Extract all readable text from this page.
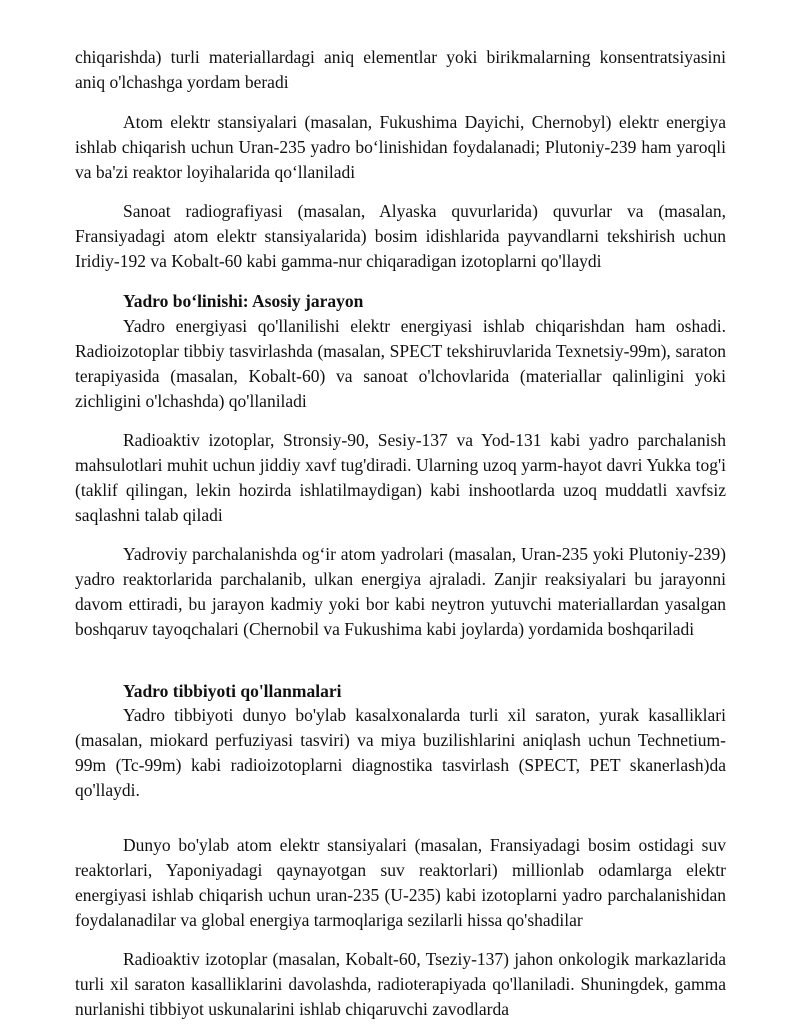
chiqarishda) turli materiallardagi aniq elementlar yoki birikmalarning konsentratsiyasini aniq o'lchashga yordam beradi

Atom elektr stansiyalari (masalan, Fukushima Dayichi, Chernobyl) elektr energiya ishlab chiqarish uchun Uran-235 yadro bo‘linishidan foydalanadi; Plutoniy-239 ham yaroqli va ba'zi reaktor loyihalarida qo‘llaniladi

Sanoat radiografiyasi (masalan, Alyaska quvurlarida) quvurlar va (masalan, Fransiyadagi atom elektr stansiyalarida) bosim idishlarida payvandlarni tekshirish uchun Iridiy-192 va Kobalt-60 kabi gamma-nur chiqaradigan izotoplarni qo'llaydi

Yadro bo‘linishi: Asosiy jarayon

Yadro energiyasi qo'llanilishi elektr energiyasi ishlab chiqarishdan ham oshadi. Radioizotoplar tibbiy tasvirlashda (masalan, SPECT tekshiruvlarida Texnetsiy-99m), saraton terapiyasida (masalan, Kobalt-60) va sanoat o'lchovlarida (materiallar qalinligini yoki zichligini o'lchashda) qo'llaniladi

Radioaktiv izotoplar, Stronsiy-90, Sesiy-137 va Yod-131 kabi yadro parchalanish mahsulotlari muhit uchun jiddiy xavf tug'diradi. Ularning uzoq yarm-hayot davri Yukka tog'i (taklif qilingan, lekin hozirda ishlatilmaydigan) kabi inshootlarda uzoq muddatli xavfsiz saqlashni talab qiladi

Yadroviy parchalanishda og‘ir atom yadrolari (masalan, Uran-235 yoki Plutoniy-239) yadro reaktorlarida parchalanib, ulkan energiya ajraladi. Zanjir reaksiyalari bu jarayonni davom ettiradi, bu jarayon kadmiy yoki bor kabi neytron yutuvchi materiallardan yasalgan boshqaruv tayoqchalari (Chernobil va Fukushima kabi joylarda) yordamida boshqariladi

Yadro tibbiyoti qo'llanmalari

Yadro tibbiyoti dunyo bo'ylab kasalxonalarda turli xil saraton, yurak kasalliklari (masalan, miokard perfuziyasi tasviri) va miya buzilishlarini aniqlash uchun Technetium-99m (Tc-99m) kabi radioizotoplarni diagnostika tasvirlash (SPECT, PET skanerlash)da qo'llaydi.

Dunyo bo'ylab atom elektr stansiyalari (masalan, Fransiyadagi bosim ostidagi suv reaktorlari, Yaponiyadagi qaynayotgan suv reaktorlari) millionlab odamlarga elektr energiyasi ishlab chiqarish uchun uran-235 (U-235) kabi izotoplarni yadro parchalanishidan foydalanadilar va global energiya tarmoqlariga sezilarli hissa qo'shadilar

Radioaktiv izotoplar (masalan, Kobalt-60, Tseziy-137) jahon onkologik markazlarida turli xil saraton kasalliklarini davolashda, radioterapiyada qo'llaniladi. Shuningdek, gamma nurlanishi tibbiyot uskunalarini ishlab chiqaruvchi zavodlarda
